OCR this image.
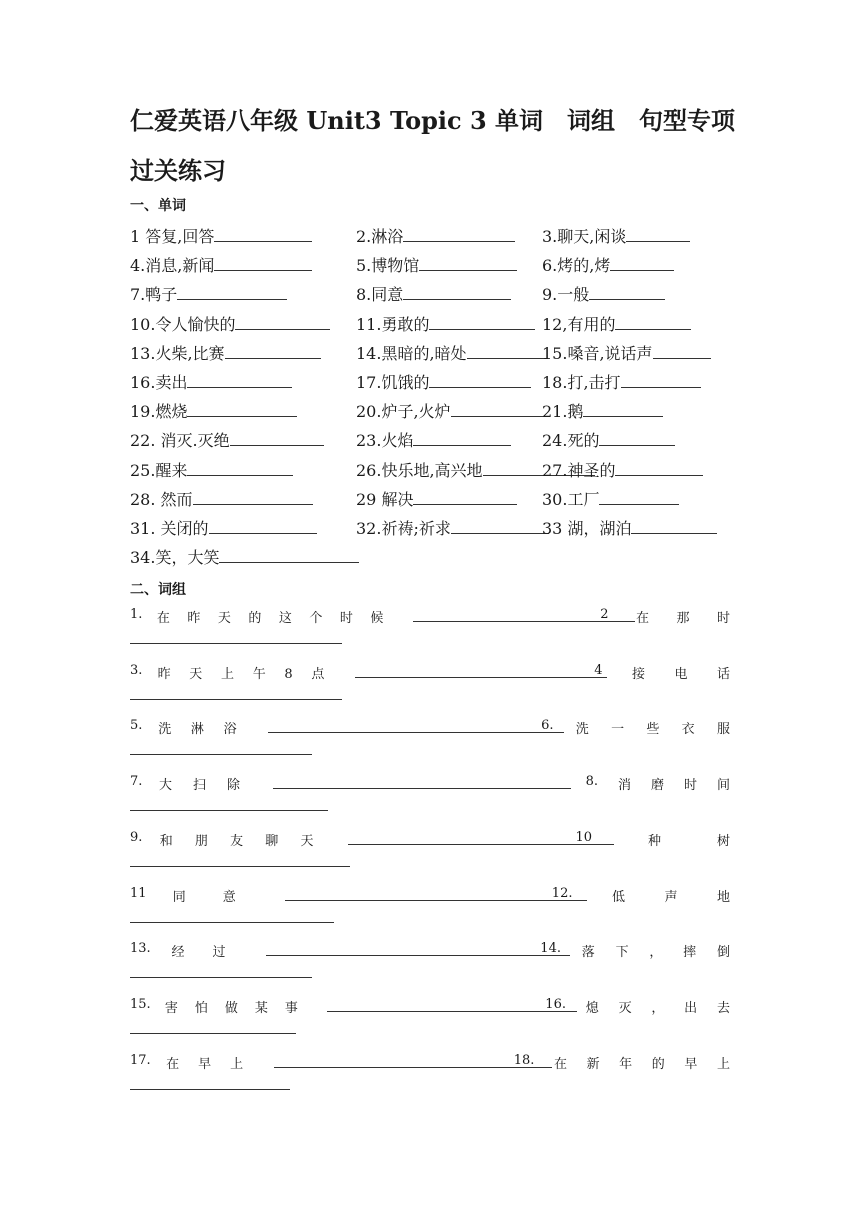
仁爱英语八年级 Unit3 Topic 3 单词　词组　句型专项过关练习
一、单词
1 答复,回答	2.淋浴	3.聊天,闲谈
4.消息,新闻	5.博物馆	6.烤的,烤
7.鸭子	8.同意	9.一般
10.令人愉快的	11.勇敢的	12,有用的
13.火柴,比赛	14.黑暗的,暗处	15.嗓音,说话声
16.卖出	17.饥饿的	18.打,击打
19.燃烧	20.炉子,火炉	21.鹅
22. 消灭.灭绝	23.火焰	24.死的
25.醒来	26.快乐地,高兴地	27.神圣的
28. 然而	29 解决	30.工厂
31. 关闭的	32.祈祷;祈求	33 湖，湖泊
34.笑，大笑
二、词组
1. 在昨天的这个时候	2 在那时
3. 昨天上午8点	4 接电话
5. 洗淋浴	6. 洗一些衣服
7. 大扫除	8. 消磨时间
9. 和朋友聊天	10	种树
11 同意	12.	低声地
13. 经过	14. 落下，摔倒
15. 害怕做某事	16. 熄灭，出去
17. 在早上	18. 在新年的早上
